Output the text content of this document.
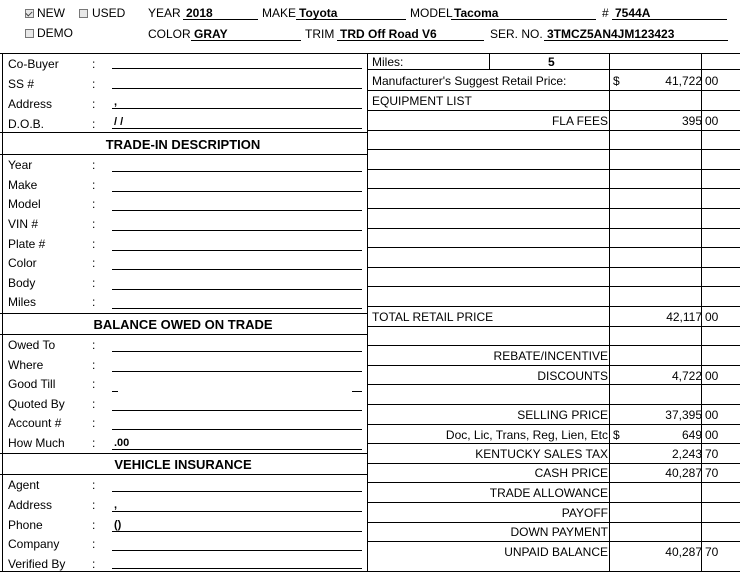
NEW USED
DEMO
YEAR 2018	MAKE Toyota	MODEL Tacoma	# 7544A
COLOR GRAY	TRIM TRD Off Road V6	SER. NO. 3TMCZ5AN4JM123423
Co-Buyer	:
SS #	:
Address	: ,
D.O.B.	: / /
TRADE-IN DESCRIPTION
Year	:
Make	:
Model	:
VIN #	:
Plate #	:
Color	:
Body	:
Miles	:
BALANCE OWED ON TRADE
Owed To	:
Where	:
Good Till	:
Quoted By :
Account #	:
How Much : .00
VEHICLE INSURANCE
Agent	:
Address	: ,
Phone	: ()
Company	:
Verified By :
Miles:	5
Manufacturer's Suggest Retail Price:	$	41,722 00
EQUIPMENT LIST
FLA FEES	395 00
TOTAL RETAIL PRICE	42,117 00
REBATE/INCENTIVE
DISCOUNTS	4,722 00
SELLING PRICE	37,395 00
Doc, Lic, Trans, Reg, Lien, Etc $	649 00
KENTUCKY SALES TAX	2,243 70
CASH PRICE	40,287 70
TRADE ALLOWANCE
PAYOFF
DOWN PAYMENT
UNPAID BALANCE	40,287 70
